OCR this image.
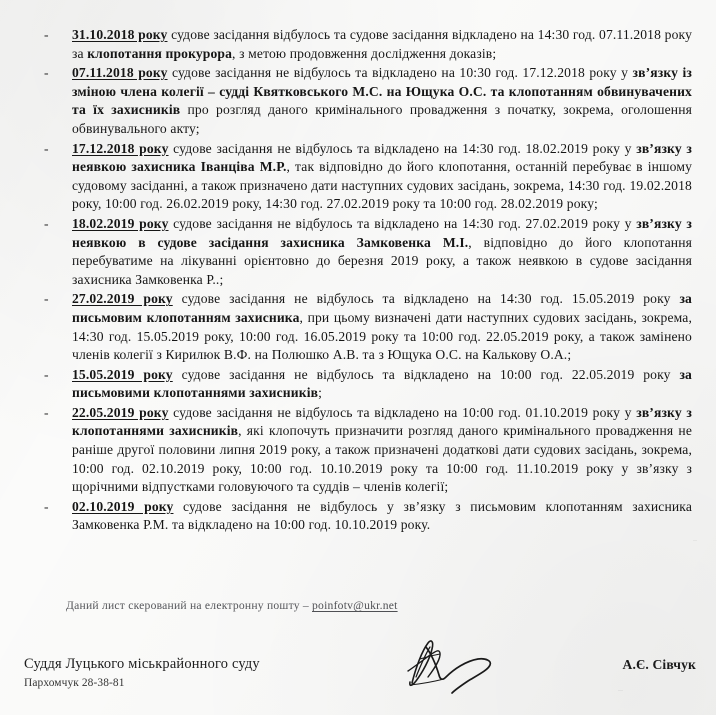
-	31.10.2018 року судове засідання відбулось та судове засідання відкладено на 14:30 год. 07.11.2018 року за клопотання прокурора, з метою продовження дослідження доказів;
-	07.11.2018 року судове засідання не відбулось та відкладено на 10:30 год. 17.12.2018 року у зв’язку із зміною члена колегії – судді Квятковського М.С. на Ющука О.С. та клопотанням обвинувачених та їх захисників про розгляд даного кримінального провадження з початку, зокрема, оголошення обвинувального акту;
-	17.12.2018 року судове засідання не відбулось та відкладено на 14:30 год. 18.02.2019 року у зв’язку з неявкою захисника Іванціва М.Р., так відповідно до його клопотання, останній перебуває в іншому судовому засіданні, а також призначено дати наступних судових засідань, зокрема, 14:30 год. 19.02.2018 року, 10:00 год. 26.02.2019 року, 14:30 год. 27.02.2019 року та 10:00 год. 28.02.2019 року;
-	18.02.2019 року судове засідання не відбулось та відкладено на 14:30 год. 27.02.2019 року у зв’язку з неявкою в судове засідання захисника Замковенка М.І., відповідно до його клопотання перебуватиме на лікуванні орієнтовно до березня 2019 року, а також неявкою в судове засідання захисника Замковенка Р..;
-	27.02.2019 року судове засідання не відбулось та відкладено на 14:30 год. 15.05.2019 року за письмовим клопотанням захисника, при цьому визначені дати наступних судових засідань, зокрема, 14:30 год. 15.05.2019 року, 10:00 год. 16.05.2019 року та 10:00 год. 22.05.2019 року, а також замінено членів колегії з Кирилюк В.Ф. на Полюшко А.В. та з Ющука О.С. на Калькову О.А.;
-	15.05.2019 року судове засідання не відбулось та відкладено на 10:00 год. 22.05.2019 року за письмовими клопотаннями захисників;
-	22.05.2019 року судове засідання не відбулось та відкладено на 10:00 год. 01.10.2019 року у зв’язку з клопотаннями захисників, які клопочуть призначити розгляд даного кримінального провадження не раніше другої половини липня 2019 року, а також призначені додаткові дати судових засідань, зокрема, 10:00 год. 02.10.2019 року, 10:00 год. 10.10.2019 року та 10:00 год. 11.10.2019 року у зв’язку з щорічними відпустками головуючого та суддів – членів колегії;
-	02.10.2019 року судове засідання не відбулось у зв’язку з письмовим клопотанням захисника Замковенка Р.М. та відкладено на 10:00 год. 10.10.2019 року.
Даний лист скерований на електронну пошту – poinfotv@ukr.net
Суддя Луцького міськрайонного суду
Пархомчук 28-38-81
А.Є. Сівчук
